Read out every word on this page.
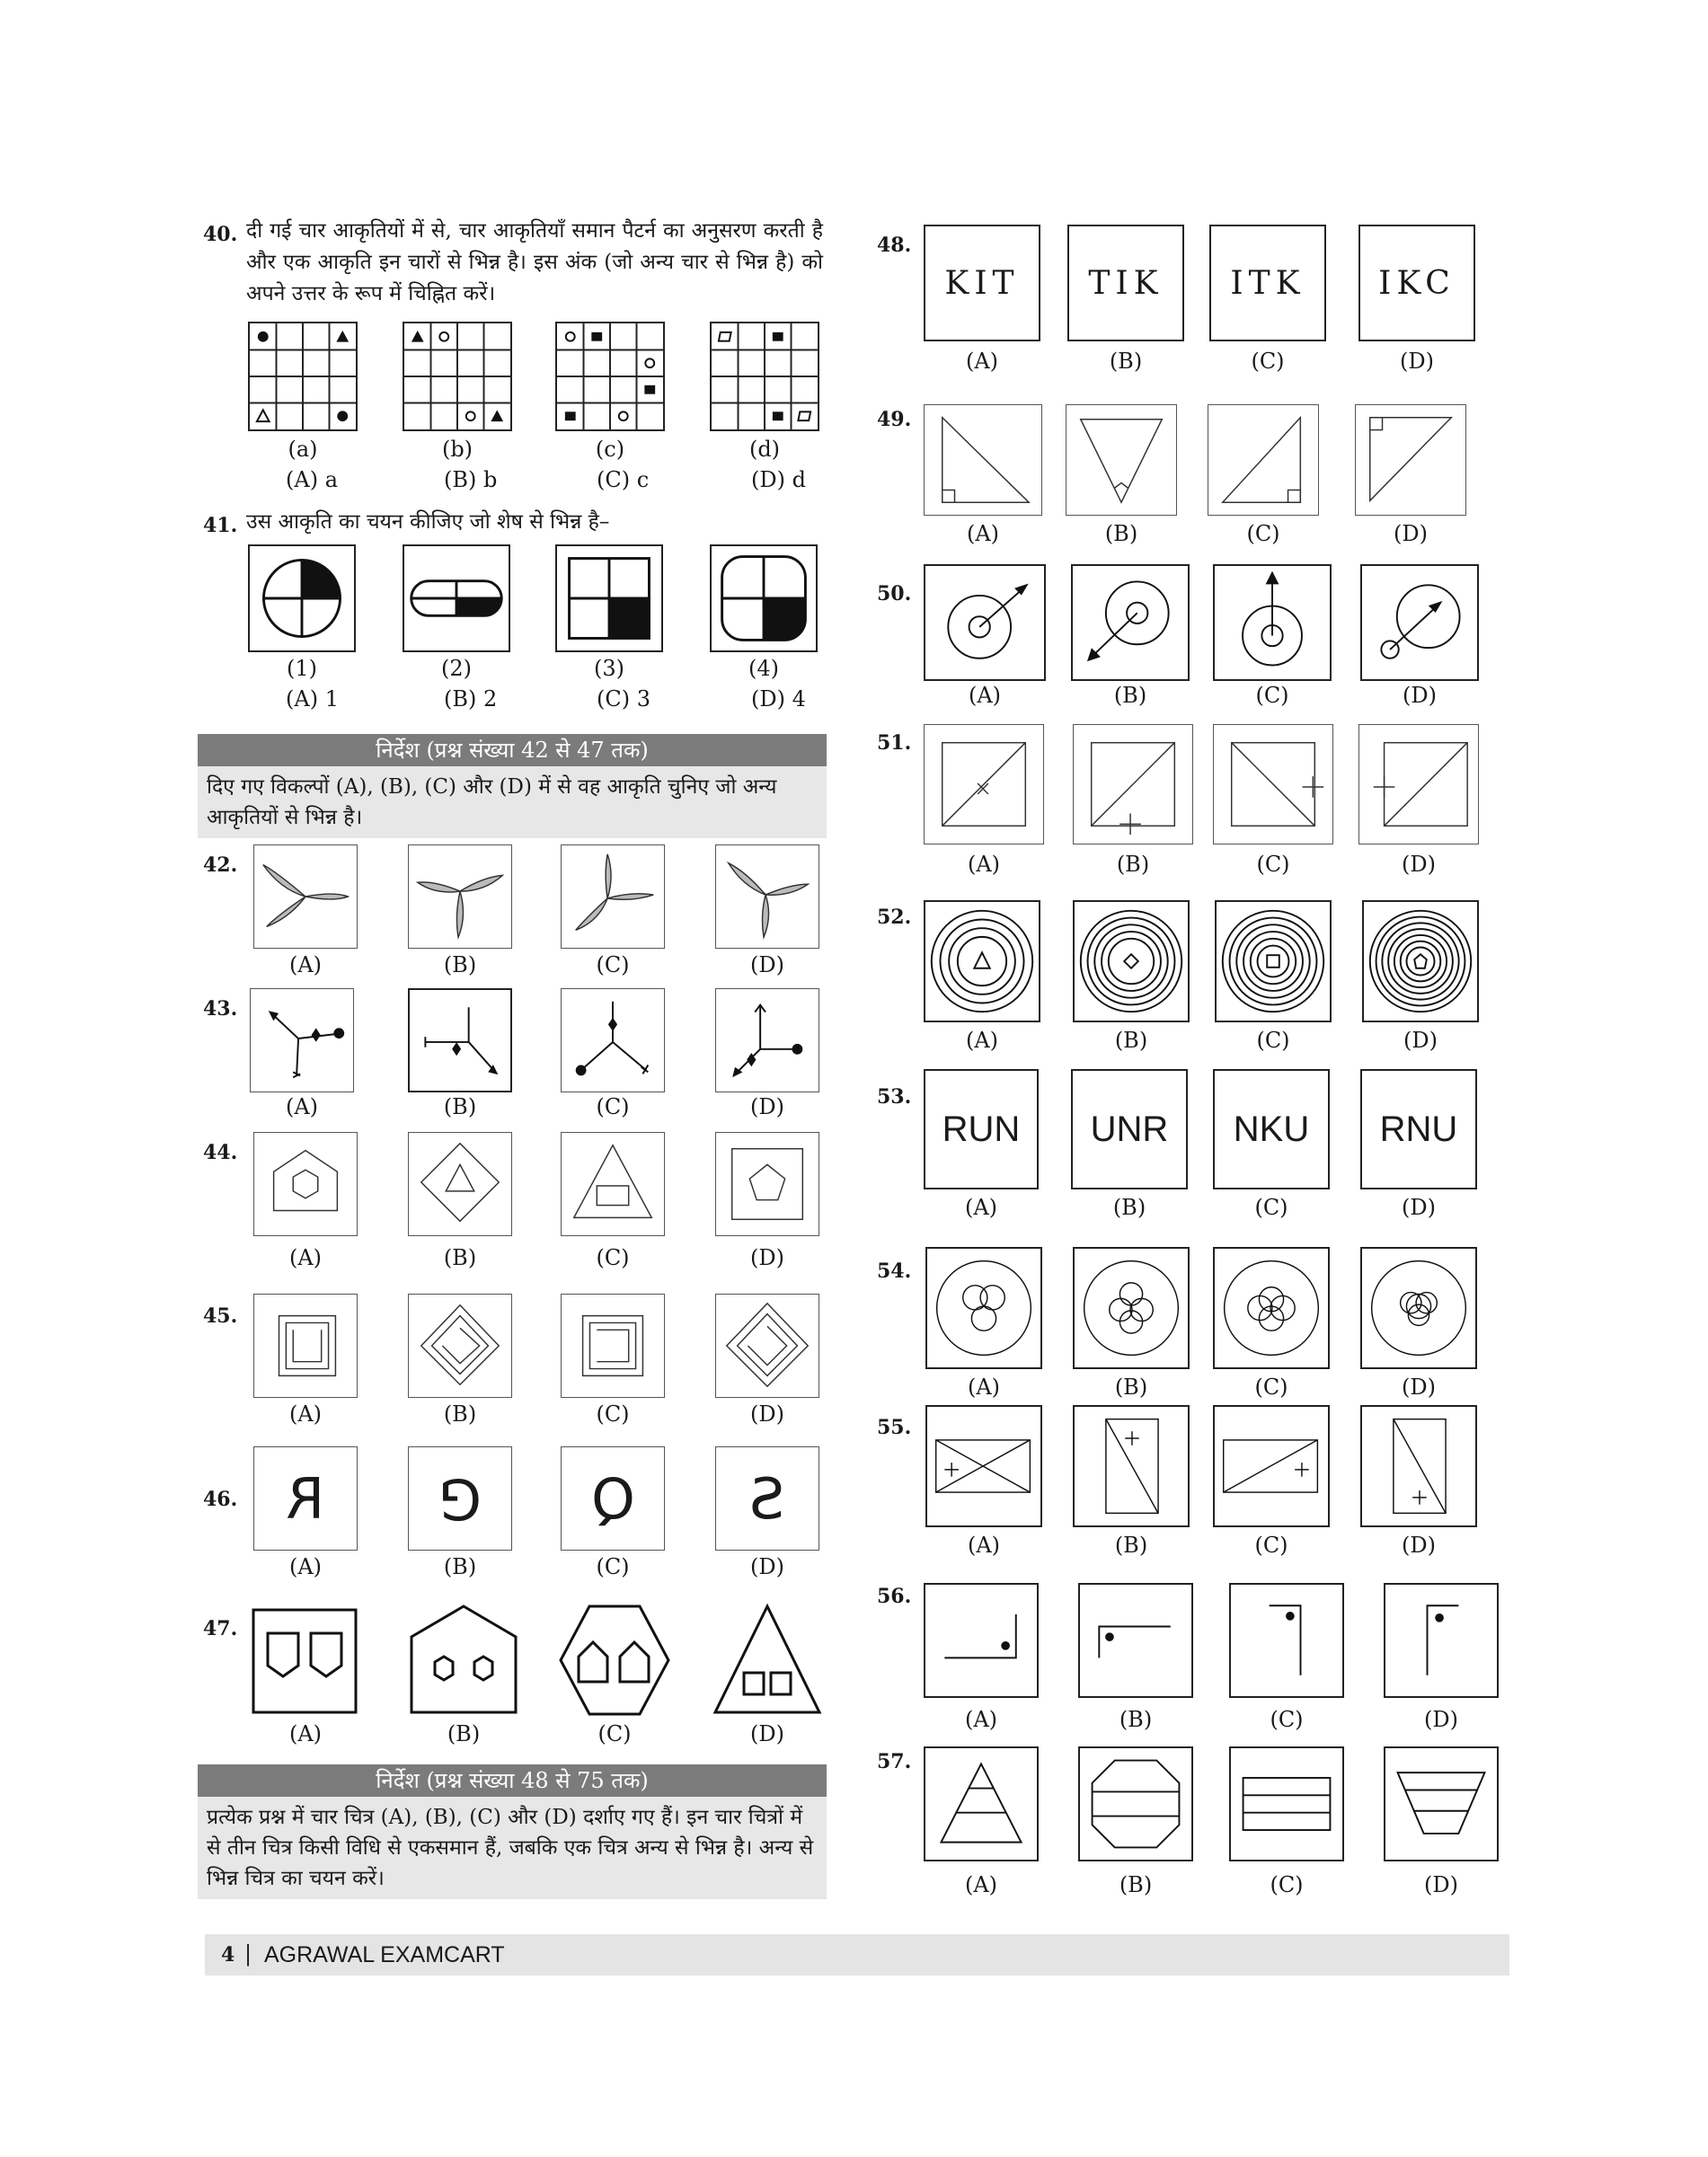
40. दी गई चार आकृतियों में से, चार आकृतियाँ समान पैटर्न का अनुसरण करती है और एक आकृति इन चारों से भिन्न है। इस अंक (जो अन्य चार से भिन्न है) को अपने उत्तर के रूप में चिह्नित करें।
(a)	(b)	(c)	(d)
(A) a	(B) b	(C) c	(D) d
41. उस आकृति का चयन कीजिए जो शेष से भिन्न है–
(1)	(2)	(3)	(4)
(A) 1	(B) 2	(C) 3	(D) 4
निर्देश (प्रश्न संख्या 42 से 47 तक)
दिए गए विकल्पों (A), (B), (C) और (D) में से वह आकृति चुनिए जो अन्य आकृतियों से भिन्न है।
42.
(A)	(B)	(C)	(D)
43.
(A)	(B)	(C)	(D)
44.
(A)	(B)	(C)	(D)
45.
(A)	(B)	(C)	(D)
46. R G Q S
(A)	(B)	(C)	(D)
47.
(A)	(B)	(C)	(D)
निर्देश (प्रश्न संख्या 48 से 75 तक)
प्रत्येक प्रश्न में चार चित्र (A), (B), (C) और (D) दर्शाए गए हैं। इन चार चित्रों में से तीन चित्र किसी विधि से एकसमान हैं, जबकि एक चित्र अन्य से भिन्न है। अन्य से भिन्न चित्र का चयन करें।
48.
KIT	TIK	ITK	IKC
(A)	(B)	(C)	(D)
49.
(A)	(B)	(C)	(D)
50.
(A)	(B)	(C)	(D)
51.
(A)	(B)	(C)	(D)
52.
(A)	(B)	(C)	(D)
53.
RUN	UNR	NKU	RNU
(A)	(B)	(C)	(D)
54.
(A)	(B)	(C)	(D)
55.
(A)	(B)	(C)	(D)
56.
(A)	(B)	(C)	(D)
57.
(A)	(B)	(C)	(D)
4 | AGRAWAL EXAMCART
